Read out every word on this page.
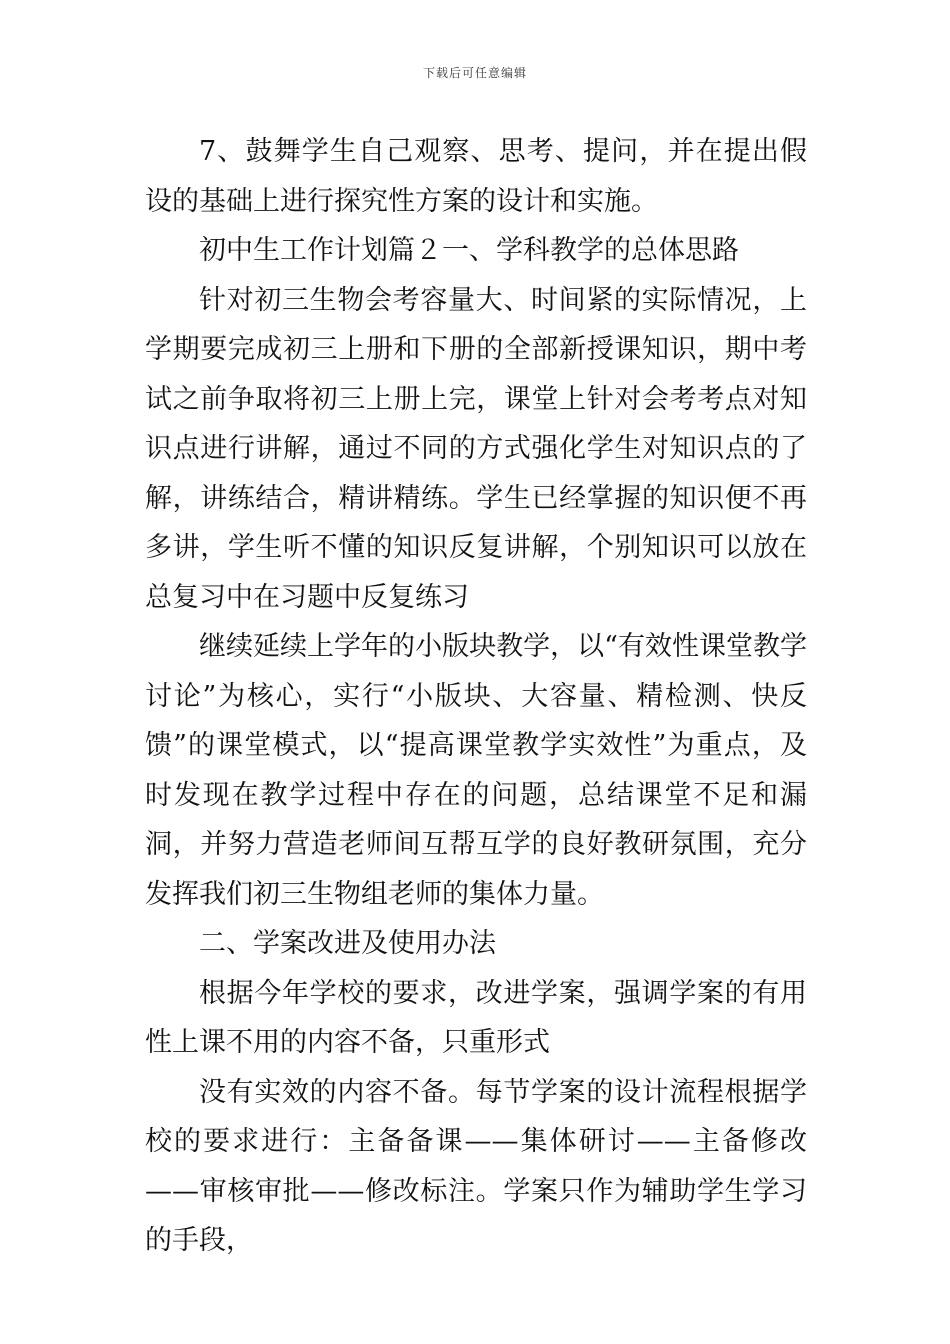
下载后可任意编辑

7、鼓舞学生自己观察、思考、提问，并在提出假设的基础上进行探究性方案的设计和实施。

初中生工作计划篇２一、学科教学的总体思路

针对初三生物会考容量大、时间紧的实际情况，上学期要完成初三上册和下册的全部新授课知识，期中考试之前争取将初三上册上完，课堂上针对会考考点对知识点进行讲解，通过不同的方式强化学生对知识点的了解，讲练结合，精讲精练。学生已经掌握的知识便不再多讲，学生听不懂的知识反复讲解，个别知识可以放在总复习中在习题中反复练习

继续延续上学年的小版块教学，以“有效性课堂教学讨论”为核心，实行“小版块、大容量、精检测、快反馈”的课堂模式，以“提高课堂教学实效性”为重点，及时发现在教学过程中存在的问题，总结课堂不足和漏洞，并努力营造老师间互帮互学的良好教研氛围，充分发挥我们初三生物组老师的集体力量。

二、学案改进及使用办法

根据今年学校的要求，改进学案，强调学案的有用性上课不用的内容不备，只重形式

没有实效的内容不备。每节学案的设计流程根据学校的要求进行：主备备课——集体研讨——主备修改——审核审批——修改标注。学案只作为辅助学生学习的手段，
